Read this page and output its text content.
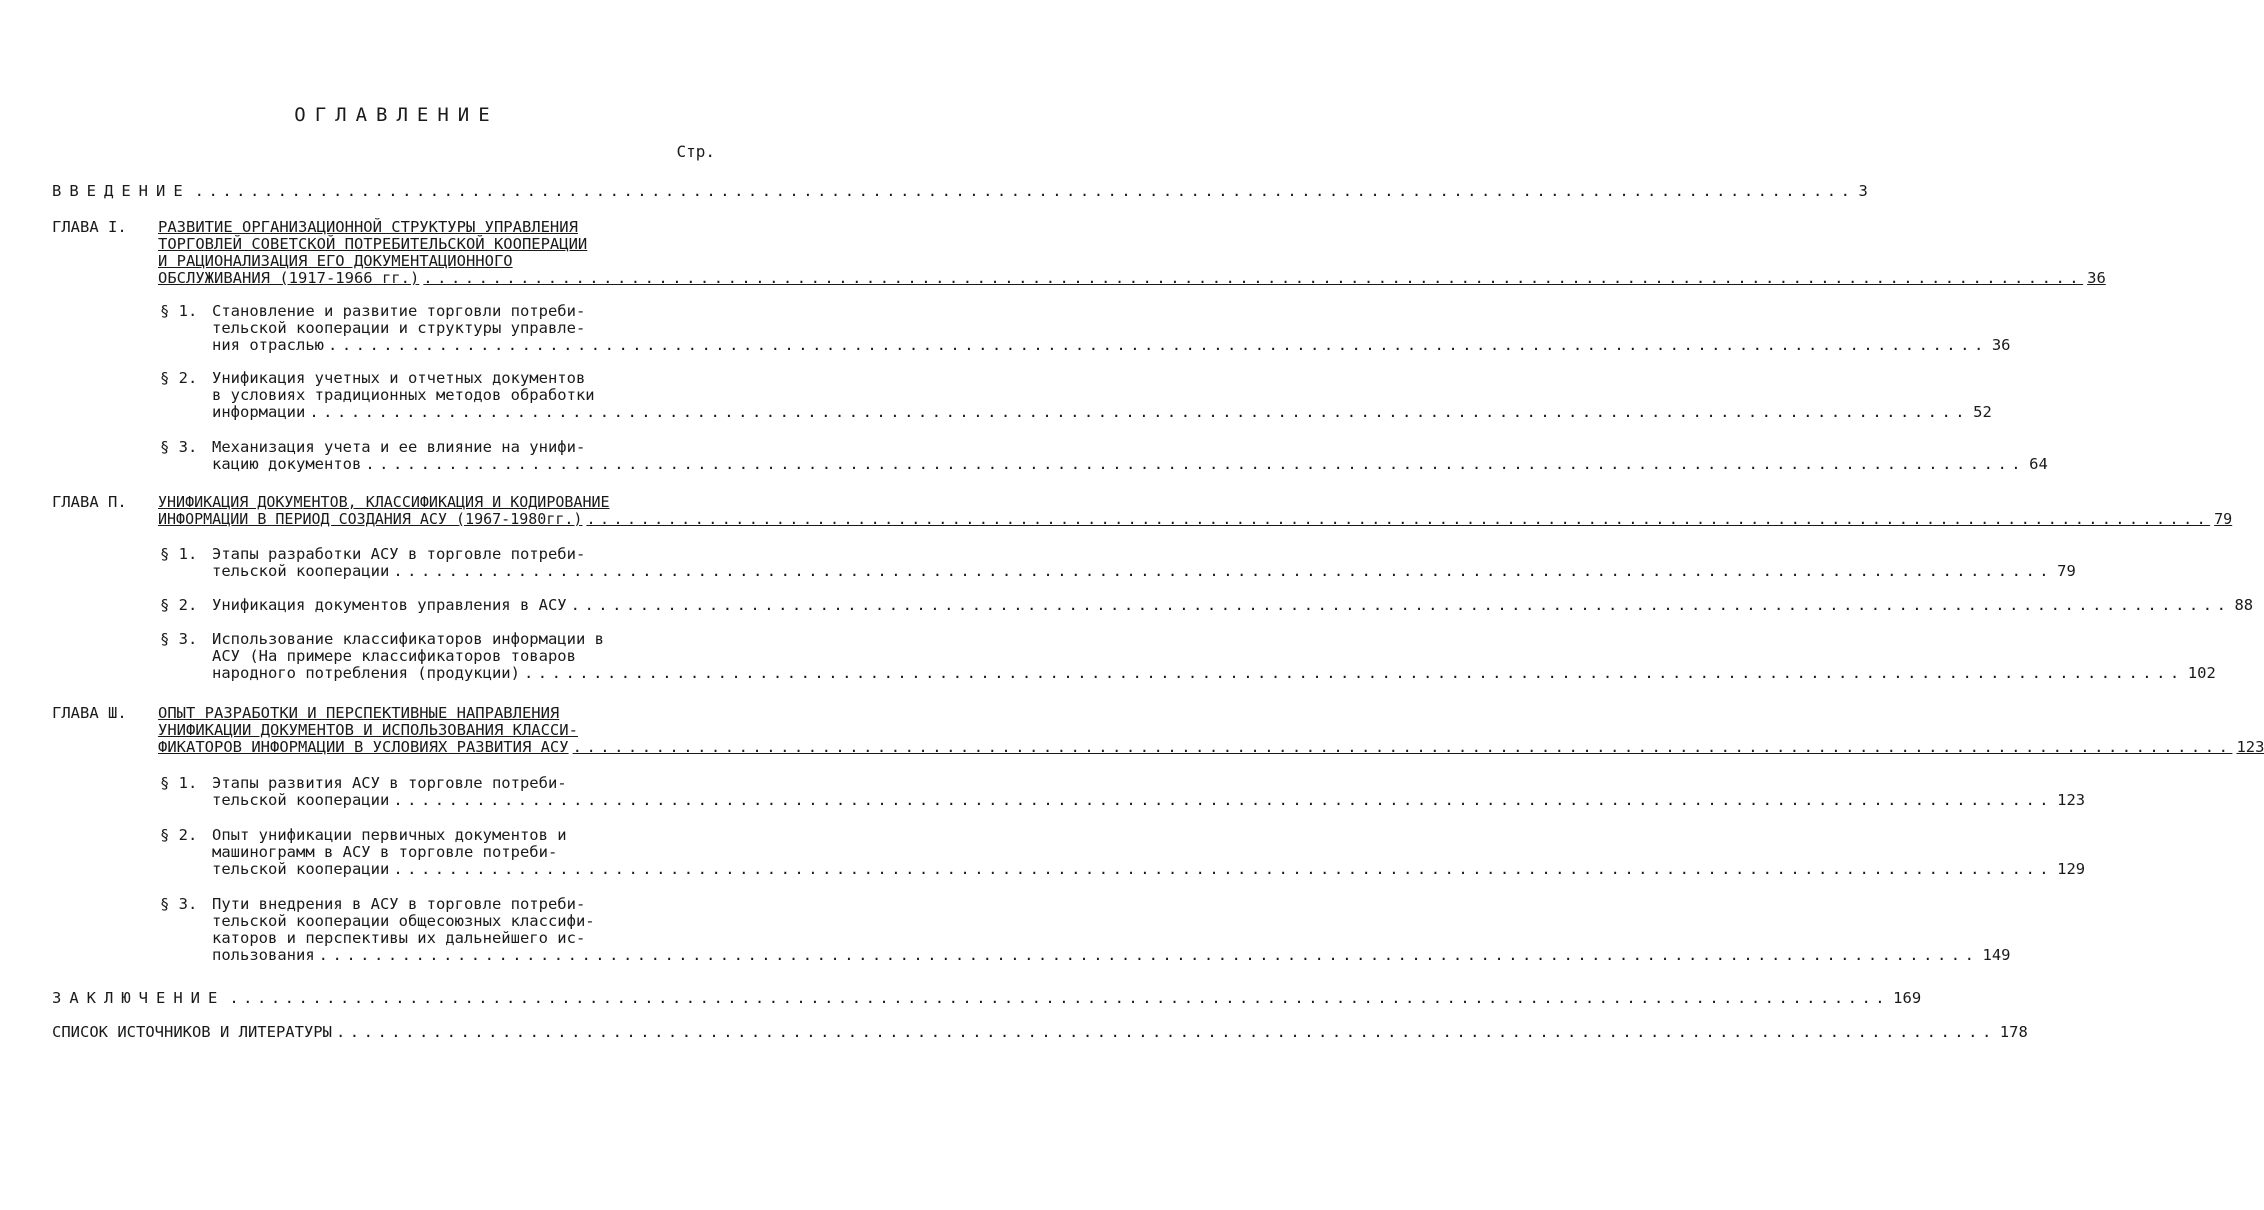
ОГЛАВЛЕНИЕ
Стр.
ВВЕДЕНИЕ ........................................................................................................................ 3
ГЛАВА I. РАЗВИТИЕ ОРГАНИЗАЦИОННОЙ СТРУКТУРЫ УПРАВЛЕНИЯ
ТОРГОВЛЕЙ СОВЕТСКОЙ ПОТРЕБИТЕЛЬСКОЙ КООПЕРАЦИИ
И РАЦИОНАЛИЗАЦИЯ ЕГО ДОКУМЕНТАЦИОННОГО
ОБСЛУЖИВАНИЯ (1917-1966 гг.) ........................................................................................................................ 36
§ 1. Становление и развитие торговли потреби-
тельской кооперации и структуры управле-
ния отраслью ........................................................................................................................ 36
§ 2. Унификация учетных и отчетных документов
в условиях традиционных методов обработки
информации ........................................................................................................................ 52
§ 3. Механизация учета и ее влияние на унифи-
кацию документов ........................................................................................................................ 64
ГЛАВА П. УНИФИКАЦИЯ ДОКУМЕНТОВ, КЛАССИФИКАЦИЯ И КОДИРОВАНИЕ
ИНФОРМАЦИИ В ПЕРИОД СОЗДАНИЯ АСУ (1967-1980гг.) ........................................................................................................................ 79
§ 1. Этапы разработки АСУ в торговле потреби-
тельской кооперации ........................................................................................................................ 79
§ 2. Унификация документов управления в АСУ ........................................................................................................................ 88
§ 3. Использование классификаторов информации в
АСУ (На примере классификаторов товаров
народного потребления (продукции) ........................................................................................................................ 102
ГЛАВА Ш. ОПЫТ РАЗРАБОТКИ И ПЕРСПЕКТИВНЫЕ НАПРАВЛЕНИЯ
УНИФИКАЦИИ ДОКУМЕНТОВ И ИСПОЛЬЗОВАНИЯ КЛАССИ-
ФИКАТОРОВ ИНФОРМАЦИИ В УСЛОВИЯХ РАЗВИТИЯ АСУ ........................................................................................................................ 123
§ 1. Этапы развития АСУ в торговле потреби-
тельской кооперации ........................................................................................................................ 123
§ 2. Опыт унификации первичных документов и
машинограмм в АСУ в торговле потреби-
тельской кооперации ........................................................................................................................ 129
§ 3. Пути внедрения в АСУ в торговле потреби-
тельской кооперации общесоюзных классифи-
каторов и перспективы их дальнейшего ис-
пользования ........................................................................................................................ 149
ЗАКЛЮЧЕНИЕ ........................................................................................................................ 169
СПИСОК ИСТОЧНИКОВ И ЛИТЕРАТУРЫ ........................................................................................................................ 178
